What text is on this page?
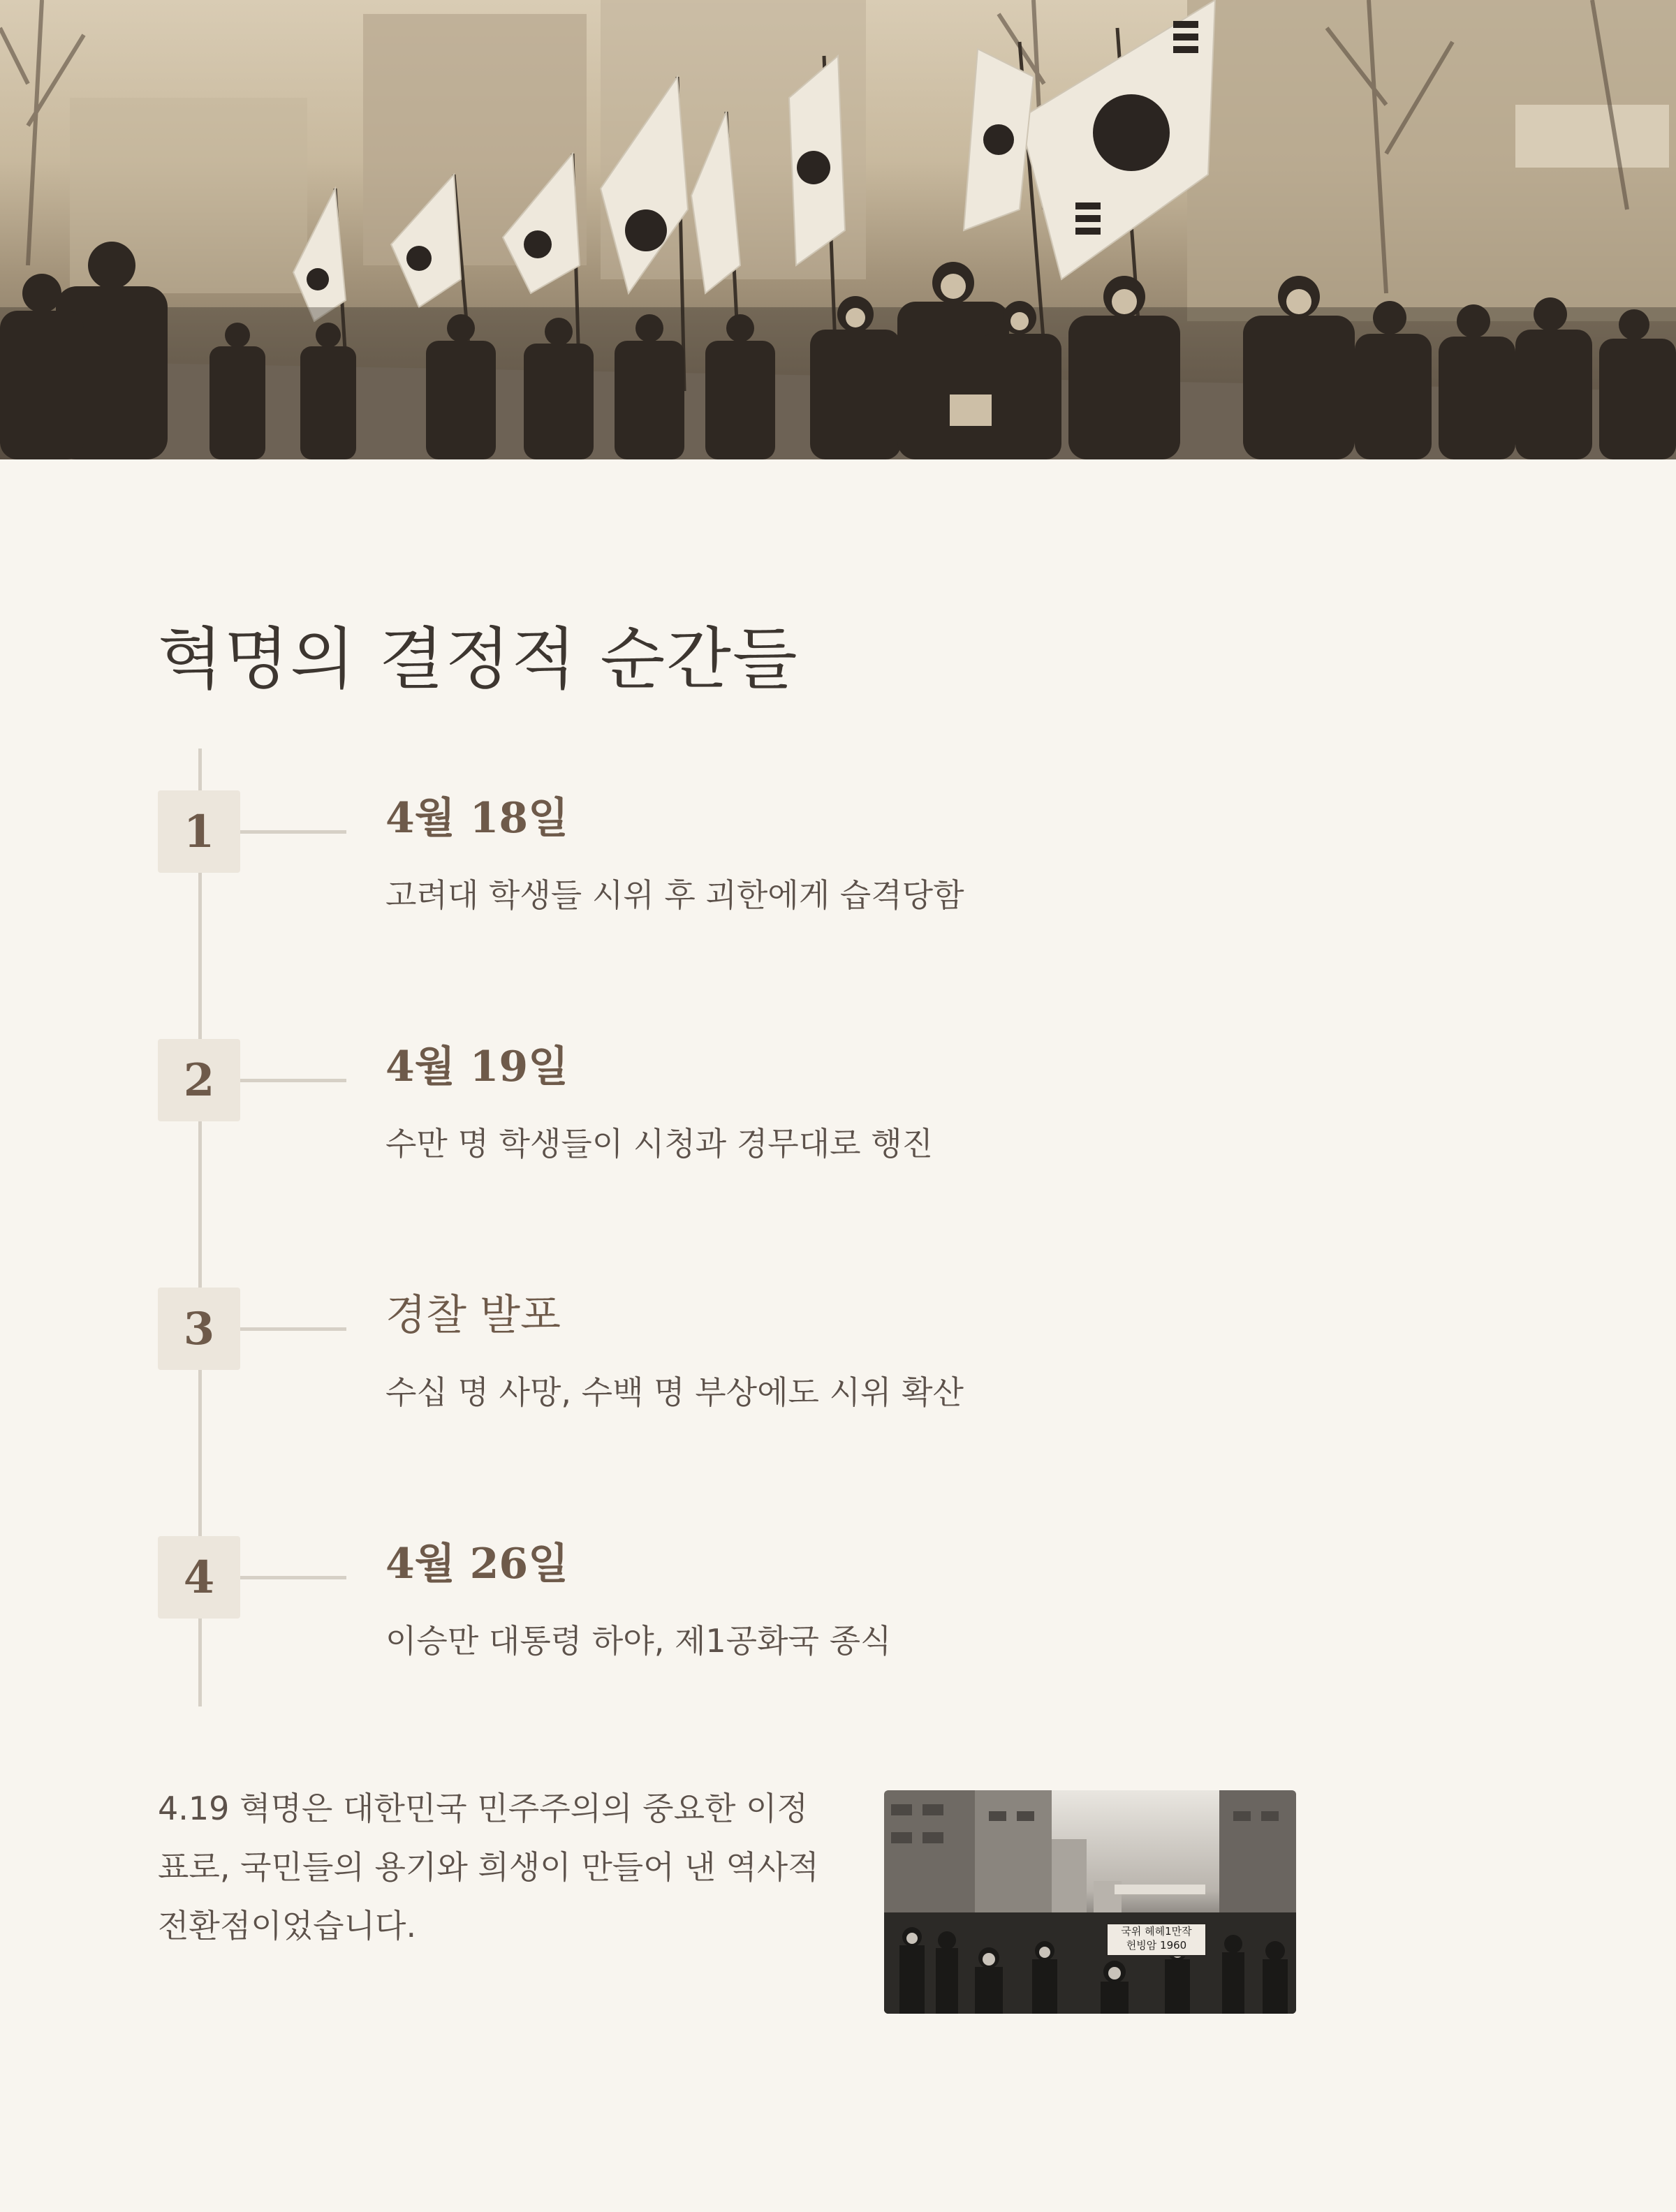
혁명의 결정적 순간들
1	4월 18일
고려대 학생들 시위 후 괴한에게 습격당함
2	4월 19일
수만 명 학생들이 시청과 경무대로 행진
3	경찰 발포
수십 명 사망, 수백 명 부상에도 시위 확산
4	4월 26일
이승만 대통령 하야, 제1공화국 종식

4.19 혁명은 대한민국 민주주의의 중요한 이정표로, 국민들의 용기와 희생이 만들어 낸 역사적 전환점이었습니다.	국위 헤헤1만작
헌빙암 1960
